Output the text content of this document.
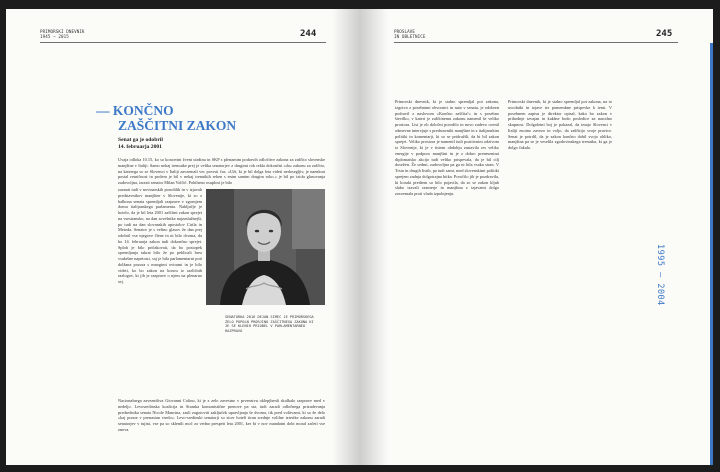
PRIMORSKI DNEVNIK
1945 – 2015	244
— KONČNO
ZAŠČITNI ZAKON
Senat ga je odobril
14. februarja 2001

Uvaja odloka 10.15, ko so koncertni žveni utrdinu in SKP s plenarnim podravih odločitve zakona za zaščito slovenske manjšine v Italiji. Samo nekaj tremutke prej je velika senatorjev z drugimi rok rekla dokončni »da« zakonu za zaščito, na katerega so se Slovenci v Italiji zavzemali vec povrsti čas. »Uži, ki je bil dolga leta videti nedosegljiv, je naenkrat postal resničnost in prolem je bil v nekaj trenutkih reken s enim samim drugim roko.« je bil po izidu glasovanja zadovoljna, izrazit senator Milan Volčič. Pobiheno osuplost je bilo

zaznati tudi v novinarskih porodilih in v izjavah predstavnikov manjšine v Slovenije, ki so z balkona senata spremljali razprave v zgornjem domu italijanskega parlamenta. Naključje je hotelo, da je bil leta 2001 zaščitni zakon sprejet na vsestransko, na dan sovešnika najzaslužnejši, po tudi na dan slovanskih apostolov Cirila in Metoda. Senator je s velino glasov že dan prej odobril vse njegove člene in ni bilo dvoma, da bo 14. februarja zakon tudi dokončno sprejet. Sploh je bilo pričakovati, da bo postopek spremljanja takrat bilo že po peklicali brez vsakršne napetosti, saj je bila parlamentarni poti dolžana pozora s mnogimi ovirami in je bilo videti, ko bo zakon na koncu iz različnih razlogov, ki jih je razprave o njem na plenarno sej.

SENATORKA 2016 DEJAN SIMEC JE PRIMORSKEGA ZELO POPOLN PRORJINO ZAŠČITNEGA ZAKONA KI JE SE KLENIH PRIOBEL V PARLAMENTARNEO RAZPRAVO

Nacionalnega zavezništva Giovanni Colino, ki je z zelo zavestno v prvenstvu oklepjhenli skulkalo razprave med v nedeljo. Levosredinska koalicija in Stranka komunistične prenove pa sta, tudi zaradi odločnega prizadevanja predsednika senata Nicole Mancina, zasli zagotoviti zaključek upravljanja še dvoma, tik pred volitvami, ki so že delo »kaj ponoe v prenastan vsedo«. Levo-sredinski senatorji so sicer hoteli tiran srednje volilne izterike zakonu zaradi senatorjev v tujini, vse pa so sklenili moč za vedno prespeti leta 2001, ker bi v nov mandatni dobi moral začeti vse znova.

PROSLAVE
IN OBLETNICE	245

Primorski dnevnik, ki je stalno spremljal pot zakona, izgotvo z posebnimi obvornici in nato v senatu, je odobren podravil z naslovom »Končno zaščita!« in s posebno številko, v kateri je zaščitnemu zakonu namenil še veliko prostora. List je ob določni porodilo in novo zadevo ocenil odmevne intervjuje s predstavniki manjšine in z italijanskim politiki in komentarji, ki so se pridružili, da bi bil zakon sprejet. Veliko prostora je namenil tudi pozitivnim odzivom iz Slovenije, ki je v tistem obdobju zastavila res veliko energije v podporo manjšini in je z dobro prenesenimi diplomatsko akcijo tudi veliko prispevala, da je bil cilj dosežen. Že sedmi, zadovoljna pa ga ni bila vsaka stran. V Trstu in drugih listih, pa tudi sami, med slovenskimi politiki sprejem zadnja dolgotrajna bitka. Poročilo jih je pozdravila, ki koraki predtem so bilo pojavila, da so se zakon kljub slabo izzvali razmerje in manjšina z izjavami dolgo zavzemala proti vlada izpolnjenju.

Primorski dnevnik, ki je stalno spremljal pot zakona, na to uvodniki in izjave ter pomembne prispevke k temi. V posebnem zapisu je direktor opisal, kako bo zakon v prihodnje izvajan in kakšne bodo posledice za narodno skupnost. Dolgoletni boj je pokazal, da imajo Slovenci v Italiji enotno zavezo in voljo, da zaščitijo svoje pravice. Senat je potrdil, da je zakon končno dobil svojo obliko, manjšina pa se je veselila zgodovinskega trenutka, ki ga je dolgo čakala.

1995 – 2004
